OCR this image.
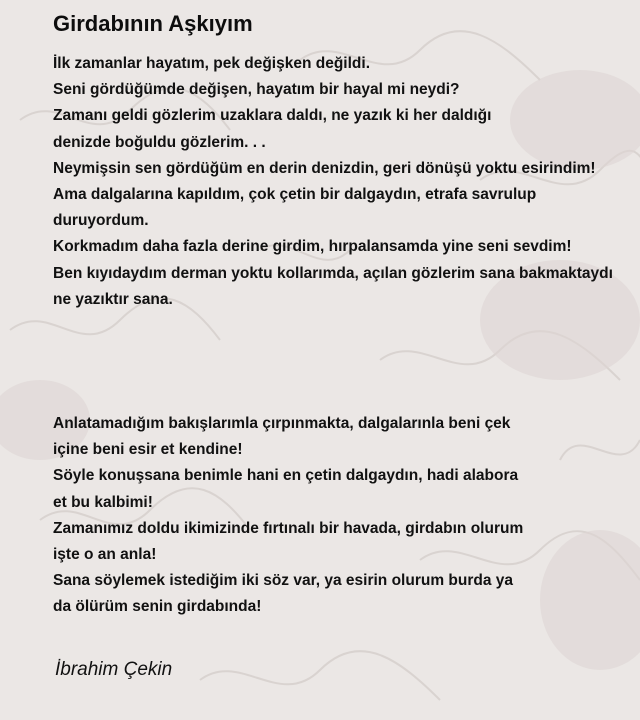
Girdabının Aşkıyım
İlk zamanlar hayatım, pek değişken değildi.
Seni gördüğümde değişen, hayatım bir hayal mi neydi?
Zamanı geldi gözlerim uzaklara daldı, ne yazık ki her daldığı
denizde boğuldu gözlerim. . .
Neymişsin sen gördüğüm en derin denizdin, geri dönüşü yoktu esirindim!
Ama dalgalarına kapıldım, çok çetin bir dalgaydın, etrafa savrulup
duruyordum.
Korkmadım daha fazla derine girdim, hırpalansamda yine seni sevdim!
Ben kıyıdaydım derman yoktu kollarımda, açılan gözlerim sana bakmaktaydı
ne yazıktır sana.
Anlatamadığım bakışlarımla çırpınmakta, dalgalarınla beni çek
içine beni esir et kendine!
Söyle konuşsana benimle hani en çetin dalgaydın, hadi alabora
et bu kalbimi!
Zamanımız doldu ikimizinde fırtınalı bir havada, girdabın olurum
işte o an anla!
Sana söylemek istediğim iki söz var, ya esirin olurum burda ya
da ölürüm senin girdabında!
İbrahim Çekin
